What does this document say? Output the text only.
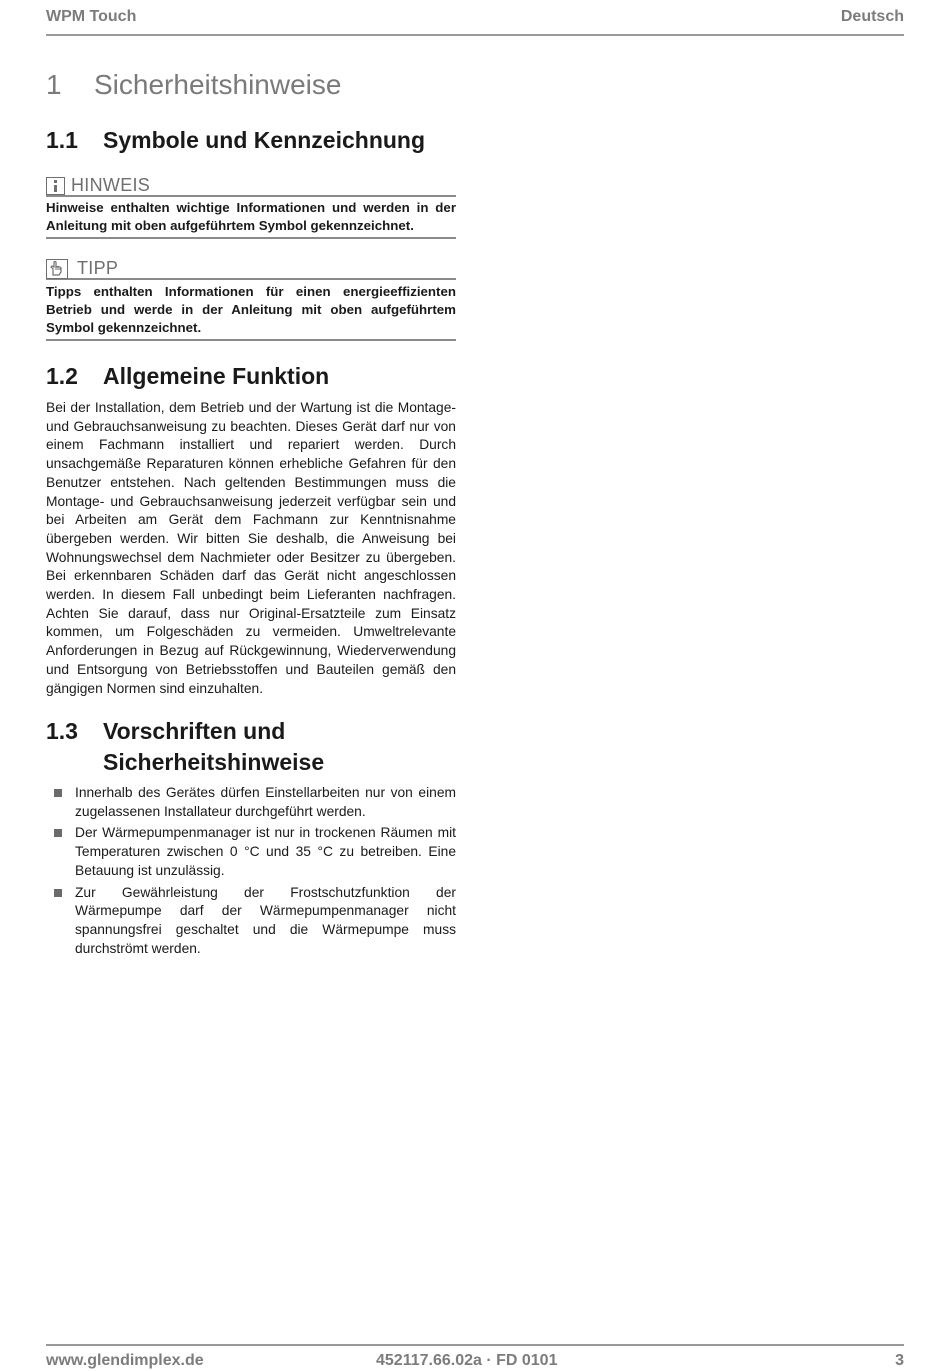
WPM Touch	Deutsch
1 Sicherheitshinweise
1.1 Symbole und Kennzeichnung
HINWEIS
Hinweise enthalten wichtige Informationen und werden in der Anleitung mit oben aufgeführtem Symbol gekennzeichnet.
TIPP
Tipps enthalten Informationen für einen energieeffizienten Betrieb und werde in der Anleitung mit oben aufgeführtem Symbol gekennzeichnet.
1.2 Allgemeine Funktion
Bei der Installation, dem Betrieb und der Wartung ist die Montage- und Gebrauchsanweisung zu beachten. Dieses Gerät darf nur von einem Fachmann installiert und repariert werden. Durch unsachgemäße Reparaturen können erhebliche Gefahren für den Benutzer entstehen. Nach geltenden Bestimmungen muss die Montage- und Gebrauchsanweisung jederzeit verfügbar sein und bei Arbeiten am Gerät dem Fachmann zur Kenntnisnahme übergeben werden. Wir bitten Sie deshalb, die Anweisung bei Wohnungswechsel dem Nachmieter oder Besitzer zu übergeben. Bei erkennbaren Schäden darf das Gerät nicht angeschlossen werden. In diesem Fall unbedingt beim Lieferanten nachfragen. Achten Sie darauf, dass nur Original-Ersatzteile zum Einsatz kommen, um Folgeschäden zu vermeiden. Umweltrelevante Anforderungen in Bezug auf Rückgewinnung, Wiederverwendung und Entsorgung von Betriebsstoffen und Bauteilen gemäß den gängigen Normen sind einzuhalten.
1.3 Vorschriften und
Sicherheitshinweise
Innerhalb des Gerätes dürfen Einstellarbeiten nur von einem zugelassenen Installateur durchgeführt werden.
Der Wärmepumpenmanager ist nur in trockenen Räumen mit Temperaturen zwischen 0 °C und 35 °C zu betreiben. Eine Betauung ist unzulässig.
Zur Gewährleistung der Frostschutzfunktion der Wärmepumpe darf der Wärmepumpenmanager nicht spannungsfrei geschaltet und die Wärmepumpe muss durchströmt werden.
www.glendimplex.de	452117.66.02a · FD 0101	3
